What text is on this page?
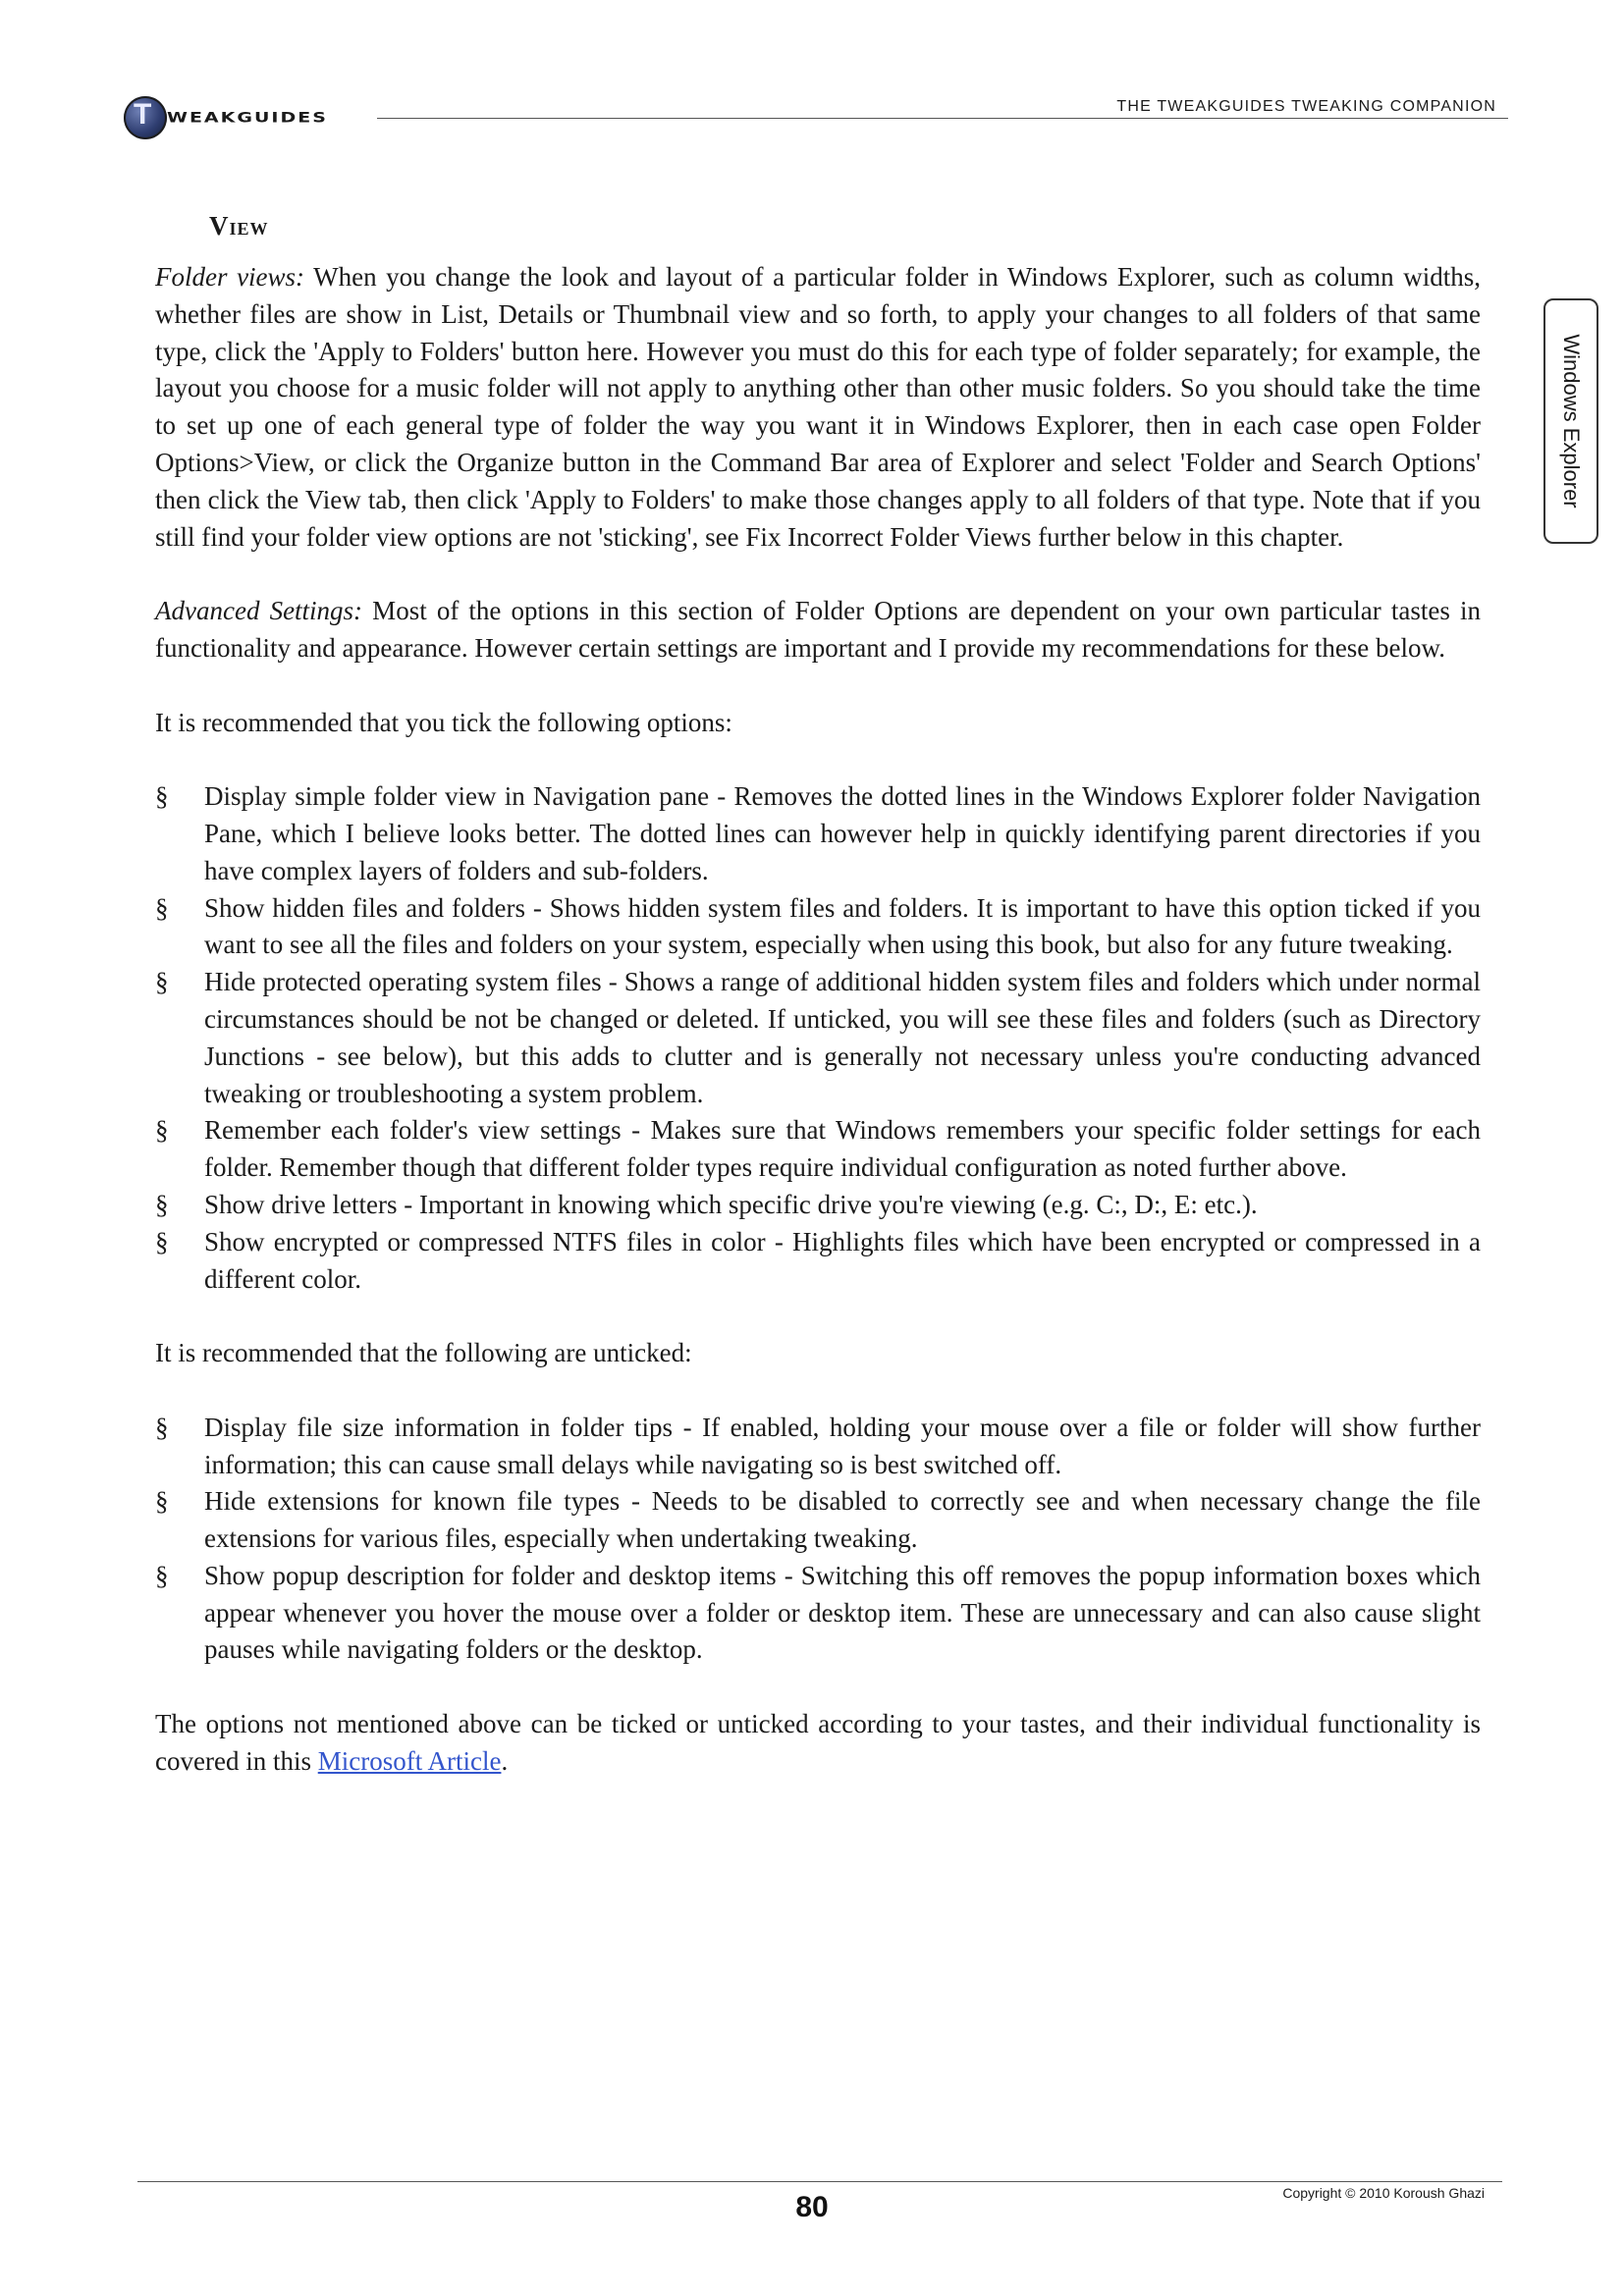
T WEAKGUIDES
THE TWEAKGUIDES TWEAKING COMPANION
Windows Explorer
View

Folder views: When you change the look and layout of a particular folder in Windows Explorer, such as column widths, whether files are show in List, Details or Thumbnail view and so forth, to apply your changes to all folders of that same type, click the 'Apply to Folders' button here. However you must do this for each type of folder separately; for example, the layout you choose for a music folder will not apply to anything other than other music folders. So you should take the time to set up one of each general type of folder the way you want it in Windows Explorer, then in each case open Folder Options>View, or click the Organize button in the Command Bar area of Explorer and select 'Folder and Search Options' then click the View tab, then click 'Apply to Folders' to make those changes apply to all folders of that type. Note that if you still find your folder view options are not 'sticking', see Fix Incorrect Folder Views further below in this chapter.

Advanced Settings: Most of the options in this section of Folder Options are dependent on your own particular tastes in functionality and appearance. However certain settings are important and I provide my recommendations for these below.

It is recommended that you tick the following options:

§ Display simple folder view in Navigation pane - Removes the dotted lines in the Windows Explorer folder Navigation Pane, which I believe looks better. The dotted lines can however help in quickly identifying parent directories if you have complex layers of folders and sub-folders.
§ Show hidden files and folders - Shows hidden system files and folders. It is important to have this option ticked if you want to see all the files and folders on your system, especially when using this book, but also for any future tweaking.
§ Hide protected operating system files - Shows a range of additional hidden system files and folders which under normal circumstances should be not be changed or deleted. If unticked, you will see these files and folders (such as Directory Junctions - see below), but this adds to clutter and is generally not necessary unless you're conducting advanced tweaking or troubleshooting a system problem.
§ Remember each folder's view settings - Makes sure that Windows remembers your specific folder settings for each folder. Remember though that different folder types require individual configuration as noted further above.
§ Show drive letters - Important in knowing which specific drive you're viewing (e.g. C:, D:, E: etc.).
§ Show encrypted or compressed NTFS files in color - Highlights files which have been encrypted or compressed in a different color.

It is recommended that the following are unticked:

§ Display file size information in folder tips - If enabled, holding your mouse over a file or folder will show further information; this can cause small delays while navigating so is best switched off.
§ Hide extensions for known file types - Needs to be disabled to correctly see and when necessary change the file extensions for various files, especially when undertaking tweaking.
§ Show popup description for folder and desktop items - Switching this off removes the popup information boxes which appear whenever you hover the mouse over a folder or desktop item. These are unnecessary and can also cause slight pauses while navigating folders or the desktop.

The options not mentioned above can be ticked or unticked according to your tastes, and their individual functionality is covered in this Microsoft Article.

Copyright © 2010 Koroush Ghazi
80
